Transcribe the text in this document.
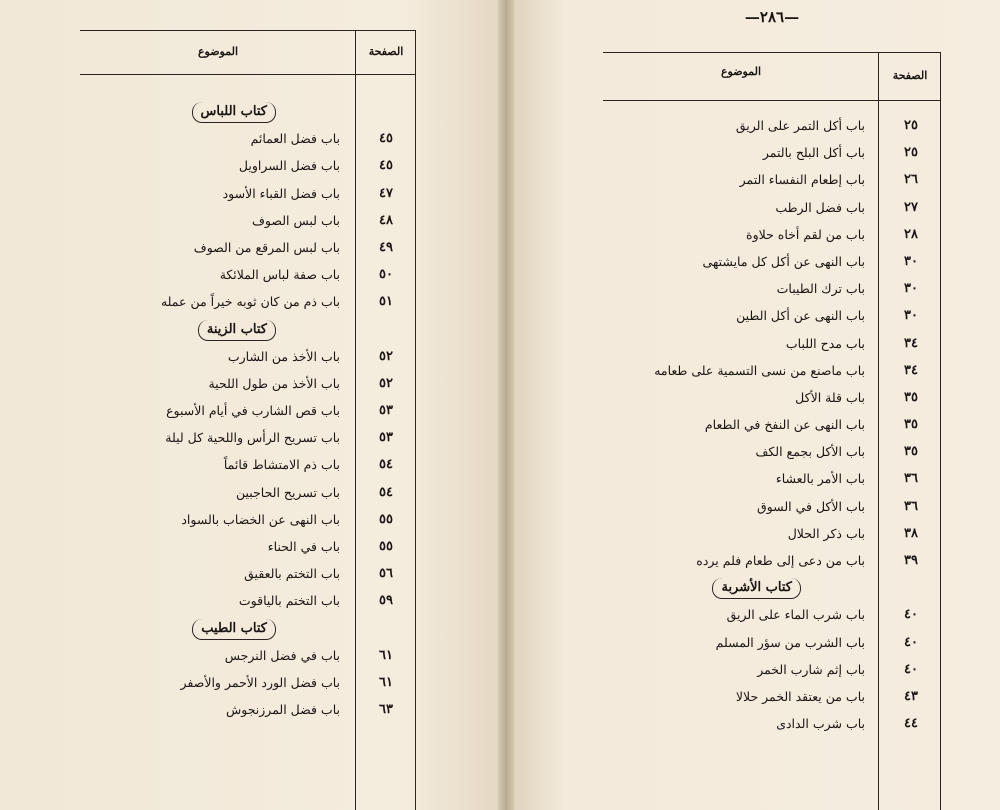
—٢٨٦—
الصفحة
الموضوع
كتاب اللباس
٤٥
باب فضل العمائم
٤٥
باب فضل السراويل
٤٧
باب فضل القباء الأسود
٤٨
باب لبس الصوف
٤٩
باب لبس المرقع من الصوف
٥٠
باب صفة لباس الملائكة
٥١
باب ذم من كان ثوبه خيراً من عمله
كتاب الزينة
٥٢
باب الأخذ من الشارب
٥٢
باب الأخذ من طول اللحية
٥٣
باب قص الشارب في أيام الأسبوع
٥٣
باب تسريح الرأس واللحية كل ليلة
٥٤
باب ذم الامتشاط قائماً
٥٤
باب تسريح الحاجبين
٥٥
باب النهى عن الخضاب بالسواد
٥٥
باب في الحناء
٥٦
باب التختم بالعقيق
٥٩
باب التختم بالياقوت
كتاب الطيب
٦١
باب في فضل النرجس
٦١
باب فضل الورد الأحمر والأصفر
٦٣
باب فضل المرزنجوش
الصفحة
الموضوع
٢٥
باب أكل التمر على الريق
٢٥
باب أكل البلح بالتمر
٢٦
باب إطعام النفساء التمر
٢٧
باب فضل الرطب
٢٨
باب من لقم أخاه حلاوة
٣٠
باب النهى عن أكل كل مايشتهى
٣٠
باب ترك الطيبات
٣٠
باب النهى عن أكل الطين
٣٤
باب مدح اللباب
٣٤
باب ماصنع من نسى التسمية على طعامه
٣٥
باب قلة الأكل
٣٥
باب النهى عن النفخ في الطعام
٣٥
باب الأكل بجمع الكف
٣٦
باب الأمر بالعشاء
٣٦
باب الأكل في السوق
٣٨
باب ذكر الحلال
٣٩
باب من دعى إلى طعام فلم يرده
كتاب الأشربة
٤٠
باب شرب الماء على الريق
٤٠
باب الشرب من سؤر المسلم
٤٠
باب إثم شارب الخمر
٤٣
باب من يعتقد الخمر حلالا
٤٤
باب شرب الدادى
